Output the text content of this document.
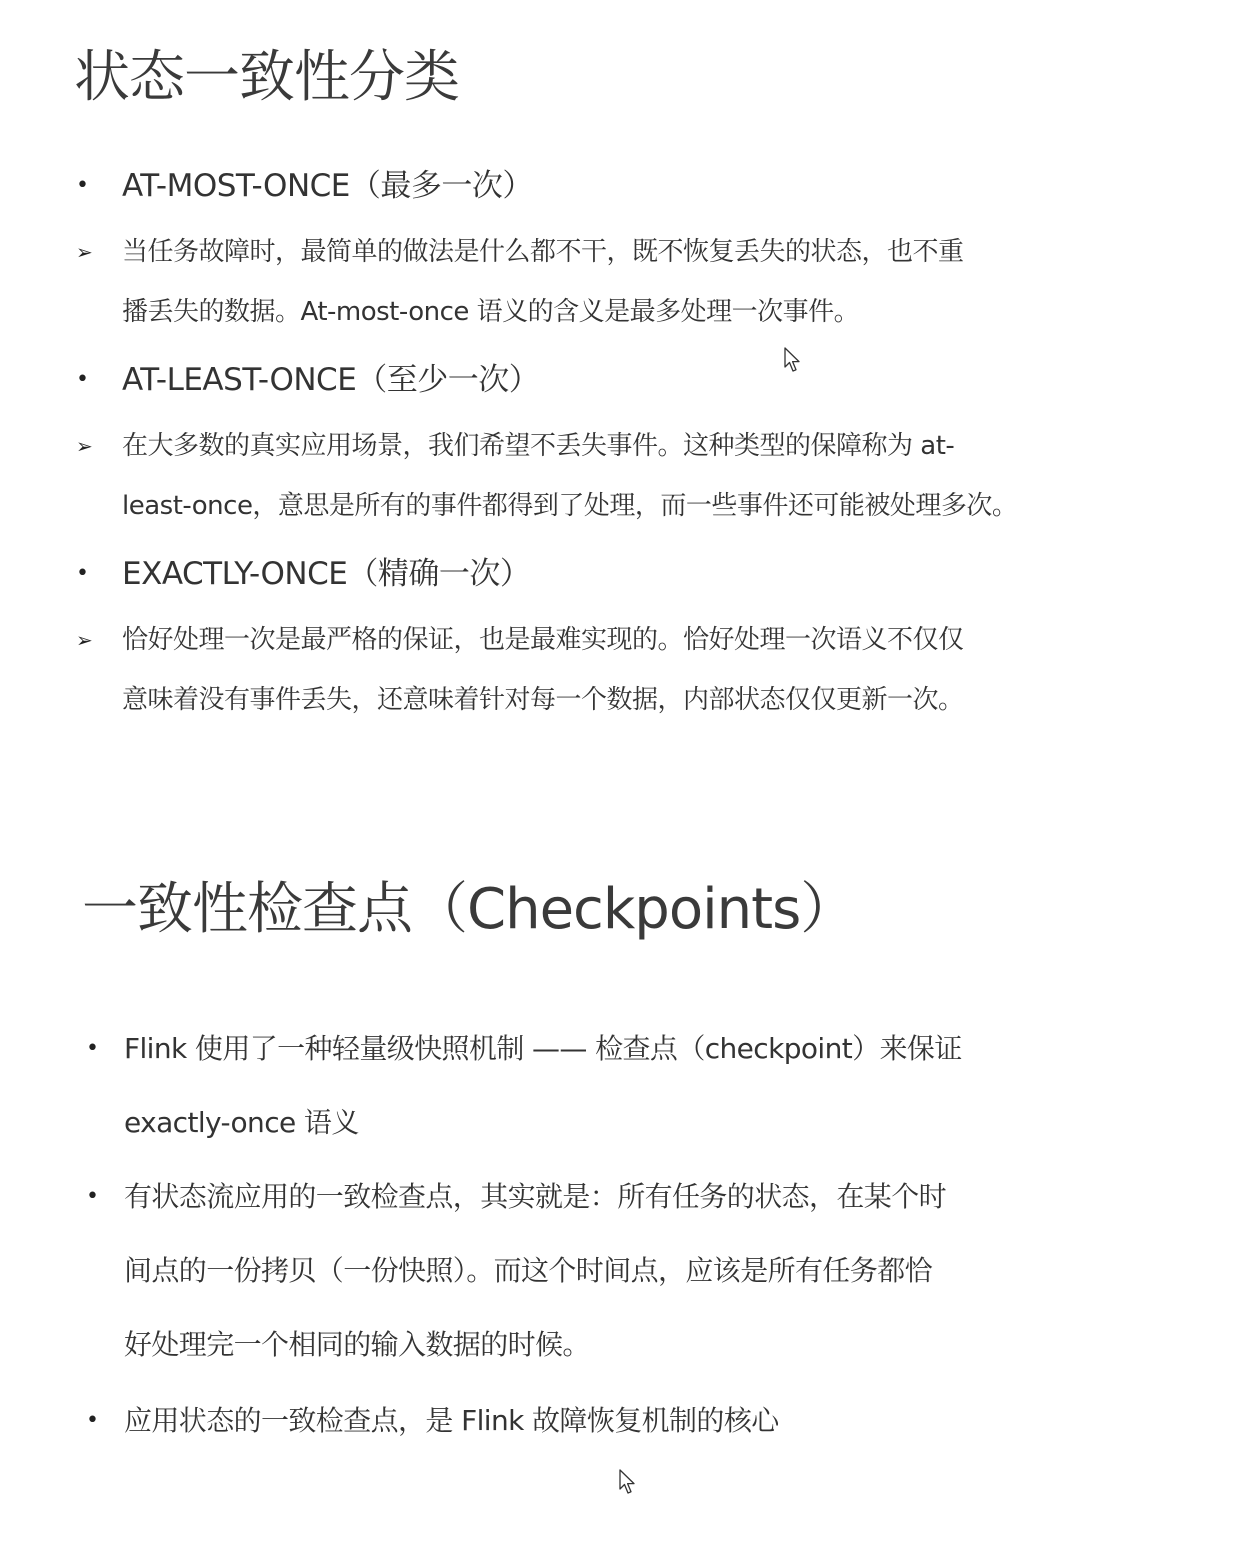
状态一致性分类
• AT-MOST-ONCE（最多一次）
➢ 当任务故障时，最简单的做法是什么都不干，既不恢复丢失的状态，也不重
播丢失的数据。At-most-once 语义的含义是最多处理一次事件。
• AT-LEAST-ONCE（至少一次）
➢ 在大多数的真实应用场景，我们希望不丢失事件。这种类型的保障称为 at-
least-once，意思是所有的事件都得到了处理，而一些事件还可能被处理多次。
• EXACTLY-ONCE（精确一次）
➢ 恰好处理一次是最严格的保证，也是最难实现的。恰好处理一次语义不仅仅
意味着没有事件丢失，还意味着针对每一个数据，内部状态仅仅更新一次。
一致性检查点（Checkpoints）
• Flink 使用了一种轻量级快照机制 —— 检查点（checkpoint）来保证
exactly-once 语义
• 有状态流应用的一致检查点，其实就是：所有任务的状态，在某个时
间点的一份拷贝（一份快照）。而这个时间点，应该是所有任务都恰
好处理完一个相同的输入数据的时候。
• 应用状态的一致检查点，是 Flink 故障恢复机制的核心
